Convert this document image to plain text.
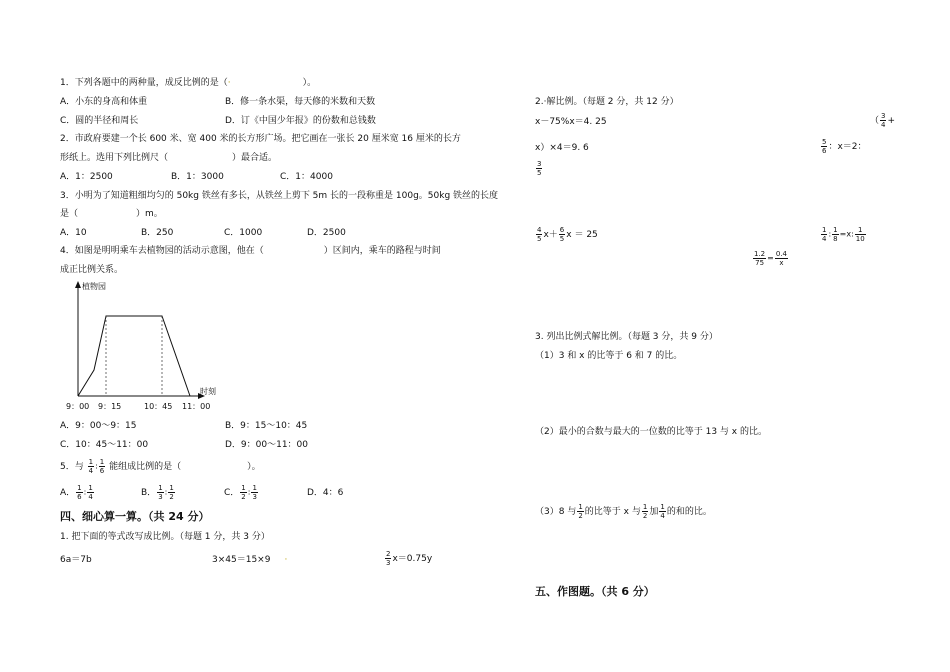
1．下列各题中的两种量，成反比例的是（·	）。
A．小东的身高和体重	B．修一条水渠，每天修的米数和天数
C．圆的半径和周长	D．订《中国少年报》的份数和总钱数
2．市政府要建一个长 600 米、宽 400 米的长方形广场。把它画在一张长 20 厘米宽 16 厘米的长方
形纸上。选用下列比例尺（	）最合适。
A．1：2500	B．1：3000	C．1：4000
3．小明为了知道粗细均匀的 50kg 铁丝有多长，从铁丝上剪下 5m 长的一段称重是 100g。50kg 铁丝的长度
是（	）m。
A．10	B．250	C．1000	D．2500
4．如图是明明乘车去植物园的活动示意图，他在（	）区间内，乘车的路程与时间
成正比例关系。
植物园
时刻
9：00 9：15	10：45 11：00
A．9：00～9：15	B．9：15～10：45
C．10：45～11：00	D．9：00～11：00
5．与 $\frac{1}{4}$ : $\frac{1}{6}$ 能组成比例的是（	）。
A． $\frac{1}{6}$ : $\frac{1}{4}$	B． $\frac{1}{3}$ : $\frac{1}{2}$	C． $\frac{1}{2}$ : $\frac{1}{3}$	D．4：6
四、细心算一算。（共 24 分）
1. 把下面的等式改写成比例。（每题 1 分，共 3 分）
6a＝7b	3×45＝15×9 ·	$\frac{2}{3} x=0.75y$
2.·解比例。（每题 2 分，共 12 分）
x－75%x＝4. 25	（ $\frac{3}{4}$ +
x）×4＝9. 6	$\frac{5}{6}$ ：x＝2：
$\frac{3}{5}$
$\frac{4}{5} x+ \frac{6}{5}$ x ＝ 25	$\frac{1}{4}$ : $\frac{1}{8} =x$: $\frac{1}{10}$
$\frac{1.2}{75} = \frac{0.4}{x}$
3. 列出比例式解比例。（每题 3 分，共 9 分）
（1）3 和 x 的比等于 6 和 7 的比。
（2）最小的合数与最大的一位数的比等于 13 与 x 的比。
（3）8 与 $\frac{1}{2}$ 的比等于 x 与 $\frac{1}{2}$ 加 $\frac{1}{4}$ 的和的比。
五、作图题。（共 6 分）
